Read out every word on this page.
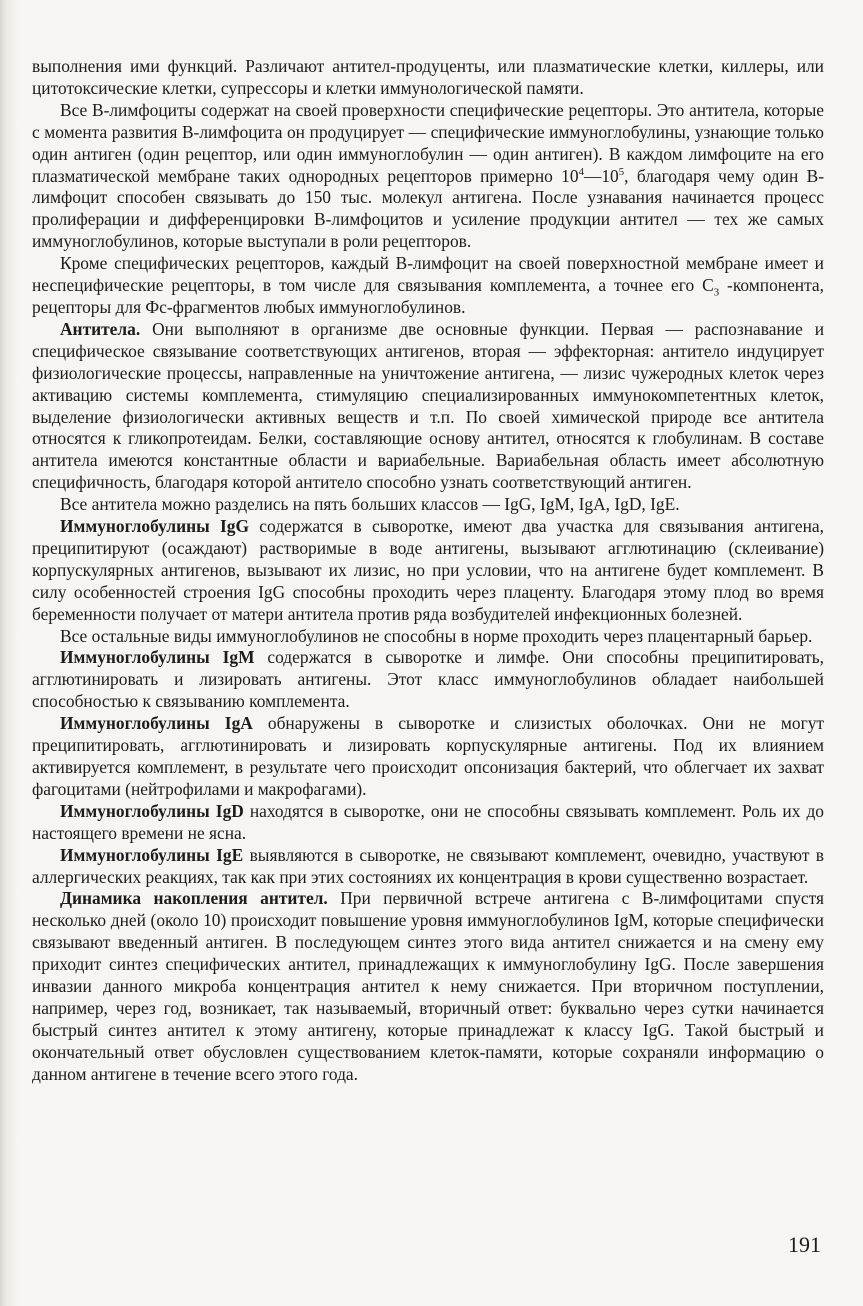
выполнения ими функций. Различают антител-продуценты, или плазматические клетки, киллеры, или цитотоксические клетки, супрессоры и клетки иммунологической памяти.

Все B-лимфоциты содержат на своей проверхности специфические рецепторы. Это антитела, которые с момента развития B-лимфоцита он продуцирует — специфические иммуноглобулины, узнающие только один антиген (один рецептор, или один иммуноглобулин — один антиген). В каждом лимфоците на его плазматической мембране таких однородных рецепторов примерно $10^4—10^5$, благодаря чему один B-лимфоцит способен связывать до 150 тыс. молекул антигена. После узнавания начинается процесс пролиферации и дифференцировки B-лимфоцитов и усиление продукции антител — тех же самых иммуноглобулинов, которые выступали в роли рецепторов.

Кроме специфических рецепторов, каждый B-лимфоцит на своей поверхностной мембране имеет и неспецифические рецепторы, в том числе для связывания комплемента, а точнее его $C_3$ -компонента, рецепторы для Фс-фрагментов любых иммуноглобулинов.

Антитела. Они выполняют в организме две основные функции. Первая — распознавание и специфическое связывание соответствующих антигенов, вторая — эффекторная: антитело индуцирует физиологические процессы, направленные на уничтожение антигена, — лизис чужеродных клеток через активацию системы комплемента, стимуляцию специализированных иммунокомпетентных клеток, выделение физиологически активных веществ и т.п. По своей химической природе все антитела относятся к гликопротеидам. Белки, составляющие основу антител, относятся к глобулинам. В составе антитела имеются константные области и вариабельные. Вариабельная область имеет абсолютную специфичность, благодаря которой антитело способно узнать соответствующий антиген.

Все антитела можно разделись на пять больших классов — IgG, IgM, IgA, IgD, IgE.

Иммуноглобулины IgG содержатся в сыворотке, имеют два участка для связывания антигена, преципитируют (осаждают) растворимые в воде антигены, вызывают агглютинацию (склеивание) корпускулярных антигенов, вызывают их лизис, но при условии, что на антигене будет комплемент. В силу особенностей строения IgG способны проходить через плаценту. Благодаря этому плод во время беременности получает от матери антитела против ряда возбудителей инфекционных болезней.

Все остальные виды иммуноглобулинов не способны в норме проходить через плацентарный барьер.

Иммуноглобулины IgM содержатся в сыворотке и лимфе. Они способны преципитировать, агглютинировать и лизировать антигены. Этот класс иммуноглобулинов обладает наибольшей способностью к связыванию комплемента.

Иммуноглобулины IgA обнаружены в сыворотке и слизистых оболочках. Они не могут преципитировать, агглютинировать и лизировать корпускулярные антигены. Под их влиянием активируется комплемент, в результате чего происходит опсонизация бактерий, что облегчает их захват фагоцитами (нейтрофилами и макрофагами).

Иммуноглобулины IgD находятся в сыворотке, они не способны связывать комплемент. Роль их до настоящего времени не ясна.

Иммуноглобулины IgE выявляются в сыворотке, не связывают комплемент, очевидно, участвуют в аллергических реакциях, так как при этих состояниях их концентрация в крови существенно возрастает.

Динамика накопления антител. При первичной встрече антигена с B-лимфоцитами спустя несколько дней (около 10) происходит повышение уровня иммуноглобулинов IgM, которые специфически связывают введенный антиген. В последующем синтез этого вида антител снижается и на смену ему приходит синтез специфических антител, принадлежащих к иммуноглобулину IgG. После завершения инвазии данного микроба концентрация антител к нему снижается. При вторичном поступлении, например, через год, возникает, так называемый, вторичный ответ: буквально через сутки начинается быстрый синтез антител к этому антигену, которые принадлежат к классу IgG. Такой быстрый и окончательный ответ обусловлен существованием клеток-памяти, которые сохраняли информацию о данном антигене в течение всего этого года.

191
